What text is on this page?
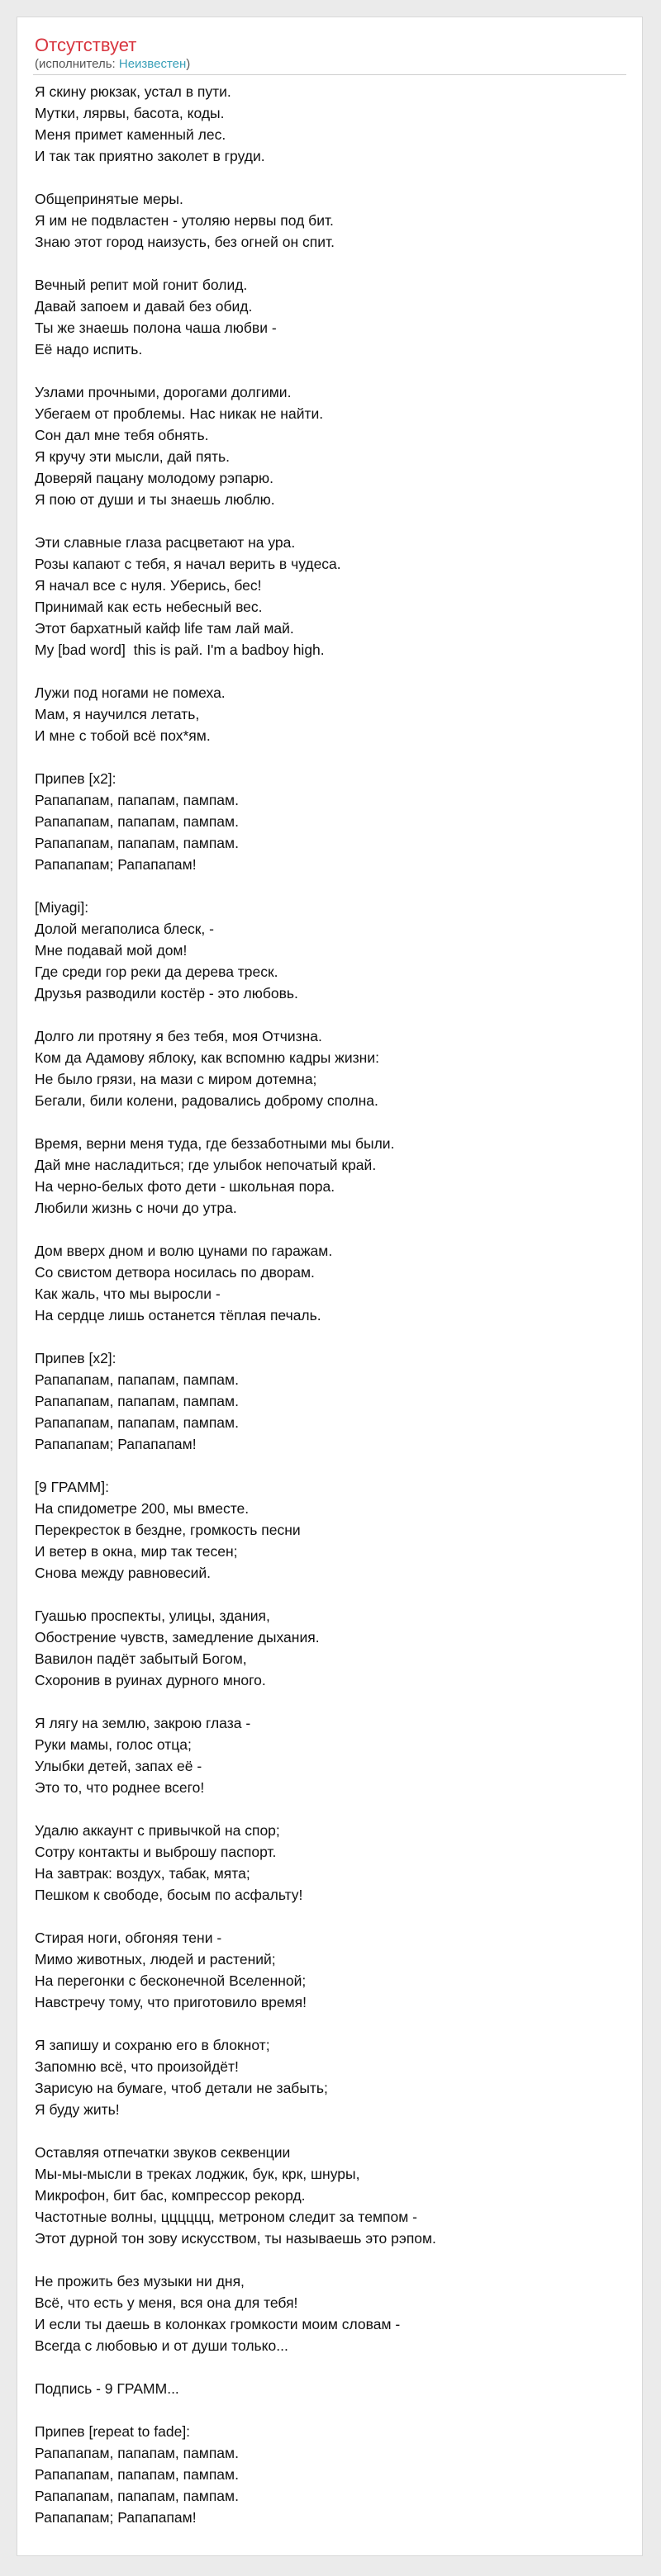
Отсутствует
(исполнитель: Неизвестен)
Я скину рюкзак, устал в пути.
Мутки, лярвы, басота, коды.
Меня примет каменный лес.
И так так приятно заколет в груди.
Общепринятые меры.
Я им не подвластен - утоляю нервы под бит.
Знаю этот город наизусть, без огней он спит.
Вечный репит мой гонит болид.
Давай запоем и давай без обид.
Ты же знаешь полона чаша любви -
Её надо испить.
Узлами прочными, дорогами долгими.
Убегаем от проблемы. Нас никак не найти.
Сон дал мне тебя обнять.
Я кручу эти мысли, дай пять.
Доверяй пацану молодому рэпарю.
Я пою от души и ты знаешь люблю.
Эти славные глаза расцветают на ура.
Розы капают с тебя, я начал верить в чудеса.
Я начал все с нуля. Уберись, бес!
Принимай как есть небесный вес.
Этот бархатный кайф life там лай май.
My [bad word]  this is рай. I'm a badboy high.
Лужи под ногами не помеха.
Мам, я научился летать,
И мне с тобой всё пох*ям.
Припев [x2]:
Рапапапам, папапам, пампам.
Рапапапам, папапам, пампам.
Рапапапам, папапам, пампам.
Рапапапам; Рапапапам!
[Miyagi]:
Долой мегаполиса блеск, -
Мне подавай мой дом!
Где среди гор реки да дерева треск.
Друзья разводили костёр - это любовь.
Долго ли протяну я без тебя, моя Отчизна.
Ком да Адамову яблоку, как вспомню кадры жизни:
Не было грязи, на мази с миром дотемна;
Бегали, били колени, радовались доброму сполна.
Время, верни меня туда, где беззаботными мы были.
Дай мне насладиться; где улыбок непочатый край.
На черно-белых фото дети - школьная пора.
Любили жизнь с ночи до утра.
Дом вверх дном и волю цунами по гаражам.
Со свистом детвора носилась по дворам.
Как жаль, что мы выросли -
На сердце лишь останется тёплая печаль.
Припев [x2]:
Рапапапам, папапам, пампам.
Рапапапам, папапам, пампам.
Рапапапам, папапам, пампам.
Рапапапам; Рапапапам!
[9 ГРАММ]:
На спидометре 200, мы вместе.
Перекресток в бездне, громкость песни
И ветер в окна, мир так тесен;
Снова между равновесий.
Гуашью проспекты, улицы, здания,
Обострение чувств, замедление дыхания.
Вавилон падёт забытый Богом,
Схоронив в руинах дурного много.
Я лягу на землю, закрою глаза -
Руки мамы, голос отца;
Улыбки детей, запах её -
Это то, что роднее всего!
Удалю аккаунт с привычкой на спор;
Сотру контакты и выброшу паспорт.
На завтрак: воздух, табак, мята;
Пешком к свободе, босым по асфальту!
Стирая ноги, обгоняя тени -
Мимо животных, людей и растений;
На перегонки с бесконечной Вселенной;
Навстречу тому, что приготовило время!
Я запишу и сохраню его в блокнот;
Запомню всё, что произойдёт!
Зарисую на бумаге, чтоб детали не забыть;
Я буду жить!
Оставляя отпечатки звуков секвенции
Мы-мы-мысли в треках лоджик, бук, крк, шнуры,
Микрофон, бит бас, компрессор рекорд.
Частотные волны, цццццц, метроном следит за темпом -
Этот дурной тон зову искусством, ты называешь это рэпом.
Не прожить без музыки ни дня,
Всё, что есть у меня, вся она для тебя!
И если ты даешь в колонках громкости моим словам -
Всегда с любовью и от души только...
Подпись - 9 ГРАММ...
Припев [repeat to fade]:
Рапапапам, папапам, пампам.
Рапапапам, папапам, пампам.
Рапапапам, папапам, пампам.
Рапапапам; Рапапапам!
